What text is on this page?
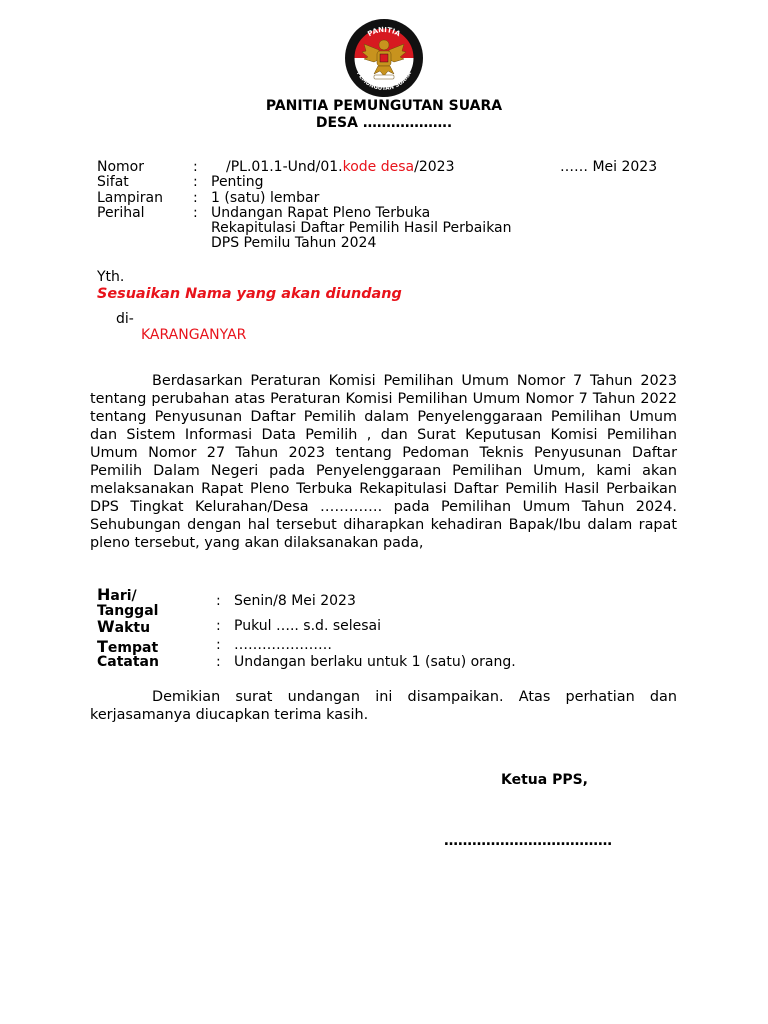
PANITIA
PEMUNGUTAN SUARA
PANITIA PEMUNGUTAN SUARA
DESA ……………….
Nomor	: /PL.01.1-Und/01.kode desa/2023	…… Mei 2023
Sifat	: Penting
Lampiran : 1 (satu) lembar
Perihal	: Undangan Rapat Pleno Terbuka
Rekapitulasi Daftar Pemilih Hasil Perbaikan
DPS Pemilu Tahun 2024
Yth.
Sesuaikan Nama yang akan diundang
di-
KARANGANYAR
Berdasarkan Peraturan Komisi Pemilihan Umum Nomor 7 Tahun 2023 tentang perubahan atas Peraturan Komisi Pemilihan Umum Nomor 7 Tahun 2022 tentang Penyusunan Daftar Pemilih dalam Penyelenggaraan Pemilihan Umum dan Sistem Informasi Data Pemilih , dan Surat Keputusan Komisi Pemilihan Umum Nomor 27 Tahun 2023 tentang Pedoman Teknis Penyusunan Daftar Pemilih Dalam Negeri pada Penyelenggaraan Pemilihan Umum, kami akan melaksanakan Rapat Pleno Terbuka Rekapitulasi Daftar Pemilih Hasil Perbaikan DPS Tingkat Kelurahan/Desa …………. pada Pemilihan Umum Tahun 2024. Sehubungan dengan hal tersebut diharapkan kehadiran Bapak/Ibu dalam rapat pleno tersebut, yang akan dilaksanakan pada,
Hari/
Tanggal
: Senin/8 Mei 2023
Waktu	: Pukul ….. s.d. selesai
Tempat	: …………………
Catatan	: Undangan berlaku untuk 1 (satu) orang.
Demikian surat undangan ini disampaikan. Atas perhatian dan kerjasamanya diucapkan terima kasih.
Ketua PPS,
………………………………
